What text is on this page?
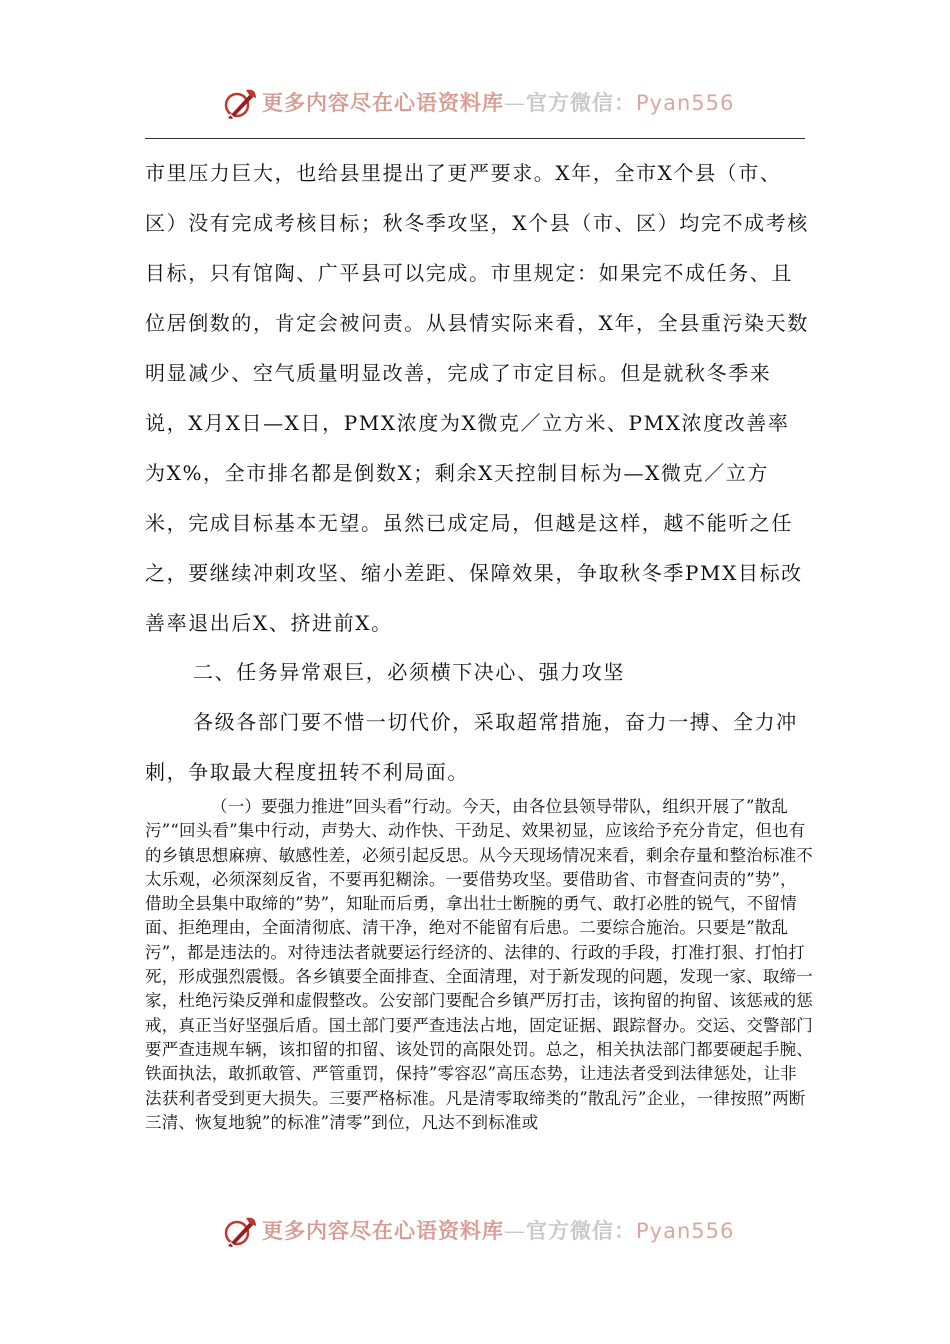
更多内容尽在心语资料库—官方微信：Pyan556

市里压力巨大，也给县里提出了更严要求。X年，全市X个县（市、区）没有完成考核目标；秋冬季攻坚，X个县（市、区）均完不成考核目标，只有馆陶、广平县可以完成。市里规定：如果完不成任务、且位居倒数的，肯定会被问责。从县情实际来看，X年，全县重污染天数明显减少、空气质量明显改善，完成了市定目标。但是就秋冬季来说，X月X日—X日，PMX浓度为X微克／立方米、PMX浓度改善率为X%，全市排名都是倒数X；剩余X天控制目标为—X微克／立方米，完成目标基本无望。虽然已成定局，但越是这样，越不能听之任之，要继续冲刺攻坚、缩小差距、保障效果，争取秋冬季PMX目标改善率退出后X、挤进前X。

二、任务异常艰巨，必须横下决心、强力攻坚

各级各部门要不惜一切代价，采取超常措施，奋力一搏、全力冲刺，争取最大程度扭转不利局面。

（一）要强力推进”回头看”行动。今天，由各位县领导带队，组织开展了”散乱污”“回头看”集中行动，声势大、动作快、干劲足、效果初显，应该给予充分肯定，但也有的乡镇思想麻痹、敏感性差，必须引起反思。从今天现场情况来看，剩余存量和整治标准不太乐观，必须深刻反省，不要再犯糊涂。一要借势攻坚。要借助省、市督查问责的”势”，借助全县集中取缔的”势”，知耻而后勇，拿出壮士断腕的勇气、敢打必胜的锐气，不留情面、拒绝理由，全面清彻底、清干净，绝对不能留有后患。二要综合施治。只要是”散乱污”，都是违法的。对待违法者就要运行经济的、法律的、行政的手段，打准打狠、打怕打死，形成强烈震慑。各乡镇要全面排查、全面清理，对于新发现的问题，发现一家、取缔一家，杜绝污染反弹和虚假整改。公安部门要配合乡镇严厉打击，该拘留的拘留、该惩戒的惩戒，真正当好坚强后盾。国土部门要严查违法占地，固定证据、跟踪督办。交运、交警部门要严查违规车辆，该扣留的扣留、该处罚的高限处罚。总之，相关执法部门都要硬起手腕、铁面执法，敢抓敢管、严管重罚，保持”零容忍”高压态势，让违法者受到法律惩处，让非法获利者受到更大损失。三要严格标准。凡是清零取缔类的”散乱污”企业，一律按照”两断三清、恢复地貌”的标准”清零”到位，凡达不到标准或

更多内容尽在心语资料库—官方微信：Pyan556
